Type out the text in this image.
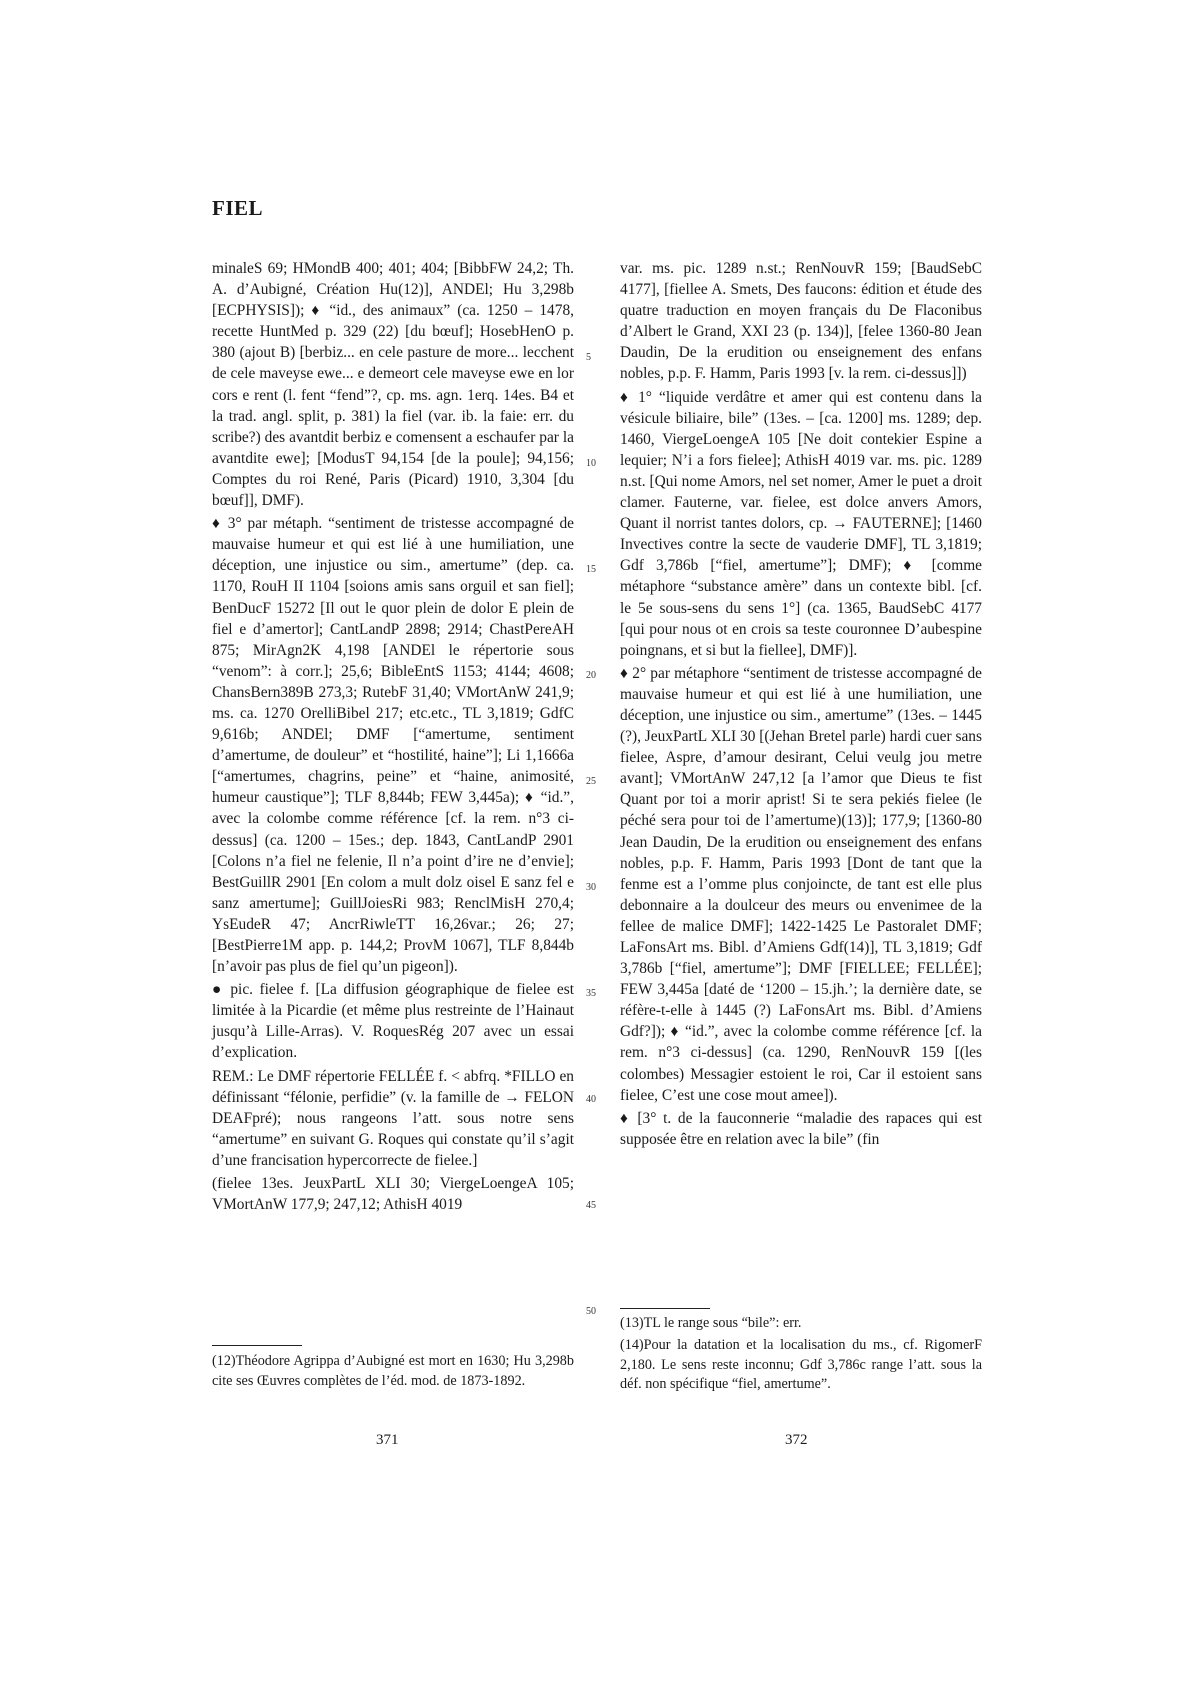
FIEL

minaleS 69; HMondB 400; 401; 404; [BibbFW 24,2; Th. A. d’Aubigné, Création Hu(12)], ANDEl; Hu 3,298b [ECPHYSIS]); ♦ “id., des animaux” (ca. 1250 – 1478, recette HuntMed p. 329 (22) [du bœuf]; HosebHenO p. 380 (ajout B) [berbiz... en cele pasture de more... lecchent de cele maveyse ewe... e demeort cele maveyse ewe en lor cors e rent (l. fent “fend”?, cp. ms. agn. 1erq. 14es. B4 et la trad. angl. split, p. 381) la fiel (var. ib. la faie: err. du scribe?) des avantdit berbiz e comensent a eschaufer par la avantdite ewe]; [ModusT 94,154 [de la poule]; 94,156; Comptes du roi René, Paris (Picard) 1910, 3,304 [du bœuf]], DMF).

♦ 3° par métaph. “sentiment de tristesse accompagné de mauvaise humeur et qui est lié à une humiliation, une déception, une injustice ou sim., amertume” (dep. ca. 1170, RouH II 1104 [soions amis sans orguil et san fiel]; BenDucF 15272 [Il out le quor plein de dolor E plein de fiel e d’amertor]; CantLandP 2898; 2914; ChastPereAH 875; MirAgn2K 4,198 [ANDEl le répertorie sous “venom”: à corr.]; 25,6; BibleEntS 1153; 4144; 4608; ChansBern389B 273,3; RutebF 31,40; VMortAnW 241,9; ms. ca. 1270 OrelliBibel 217; etc.etc., TL 3,1819; GdfC 9,616b; ANDEl; DMF [“amertume, sentiment d’amertume, de douleur” et “hostilité, haine”]; Li 1,1666a [“amertumes, chagrins, peine” et “haine, animosité, humeur caustique”]; TLF 8,844b; FEW 3,445a); ♦ “id.”, avec la colombe comme référence [cf. la rem. n°3 ci-dessus] (ca. 1200 – 15es.; dep. 1843, CantLandP 2901 [Colons n’a fiel ne felenie, Il n’a point d’ire ne d’envie]; BestGuillR 2901 [En colom a mult dolz oisel E sanz fel e sanz amertume]; GuillJoiesRi 983; RenclMisH 270,4; YsEudeR 47; AncrRiwleTT 16,26var.; 26; 27; [BestPierre1M app. p. 144,2; ProvM 1067], TLF 8,844b [n’avoir pas plus de fiel qu’un pigeon]).

● pic. fielee f. [La diffusion géographique de fielee est limitée à la Picardie (et même plus restreinte de l’Hainaut jusqu’à Lille-Arras). V. RoquesRég 207 avec un essai d’explication.

REM.: Le DMF répertorie FELLÉE f. < abfrq. *FILLO en définissant “félonie, perfidie” (v. la famille de → FELON DEAFpré); nous rangeons l’att. sous notre sens “amertume” en suivant G. Roques qui constate qu’il s’agit d’une francisation hypercorrecte de fielee.]

(fielee 13es. JeuxPartL XLI 30; ViergeLoengeA 105; VMortAnW 177,9; 247,12; AthisH 4019

5
10
15
20
25
30
35
40
45
50

var. ms. pic. 1289 n.st.; RenNouvR 159; [BaudSebC 4177], [fiellee A. Smets, Des faucons: édition et étude des quatre traduction en moyen français du De Flaconibus d’Albert le Grand, XXI 23 (p. 134)], [felee 1360-80 Jean Daudin, De la erudition ou enseignement des enfans nobles, p.p. F. Hamm, Paris 1993 [v. la rem. ci-dessus]])

♦ 1° “liquide verdâtre et amer qui est contenu dans la vésicule biliaire, bile” (13es. – [ca. 1200] ms. 1289; dep. 1460, ViergeLoengeA 105 [Ne doit contekier Espine a lequier; N’i a fors fielee]; AthisH 4019 var. ms. pic. 1289 n.st. [Qui nome Amors, nel set nomer, Amer le puet a droit clamer. Fauterne, var. fielee, est dolce anvers Amors, Quant il norrist tantes dolors, cp. → FAUTERNE]; [1460 Invectives contre la secte de vauderie DMF], TL 3,1819; Gdf 3,786b [“fiel, amertume”]; DMF); ♦ [comme métaphore “substance amère” dans un contexte bibl. [cf. le 5e sous-sens du sens 1°] (ca. 1365, BaudSebC 4177 [qui pour nous ot en crois sa teste couronnee D’aubespine poingnans, et si but la fiellee], DMF)].

♦ 2° par métaphore “sentiment de tristesse accompagné de mauvaise humeur et qui est lié à une humiliation, une déception, une injustice ou sim., amertume” (13es. – 1445 (?), JeuxPartL XLI 30 [(Jehan Bretel parle) hardi cuer sans fielee, Aspre, d’amour desirant, Celui veulg jou metre avant]; VMortAnW 247,12 [a l’amor que Dieus te fist Quant por toi a morir aprist! Si te sera pekiés fielee (le péché sera pour toi de l’amertume)(13)]; 177,9; [1360-80 Jean Daudin, De la erudition ou enseignement des enfans nobles, p.p. F. Hamm, Paris 1993 [Dont de tant que la fenme est a l’omme plus conjoincte, de tant est elle plus debonnaire a la doulceur des meurs ou envenimee de la fellee de malice DMF]; 1422-1425 Le Pastoralet DMF; LaFonsArt ms. Bibl. d’Amiens Gdf(14)], TL 3,1819; Gdf 3,786b [“fiel, amertume”]; DMF [FIELLEE; FELLÉE]; FEW 3,445a [daté de ‘1200 – 15.jh.’; la dernière date, se réfère-t-elle à 1445 (?) LaFonsArt ms. Bibl. d’Amiens Gdf?]); ♦ “id.”, avec la colombe comme référence [cf. la rem. n°3 ci-dessus] (ca. 1290, RenNouvR 159 [(les colombes) Messagier estoient le roi, Car il estoient sans fielee, C’est une cose mout amee]).

♦ [3° t. de la fauconnerie “maladie des rapaces qui est supposée être en relation avec la bile” (fin

(12)Théodore Agrippa d’Aubigné est mort en 1630; Hu 3,298b cite ses Œuvres complètes de l’éd. mod. de 1873-1892.
(13)TL le range sous “bile”: err.
(14)Pour la datation et la localisation du ms., cf. RigomerF 2,180. Le sens reste inconnu; Gdf 3,786c range l’att. sous la déf. non spécifique “fiel, amertume”.
371	372
